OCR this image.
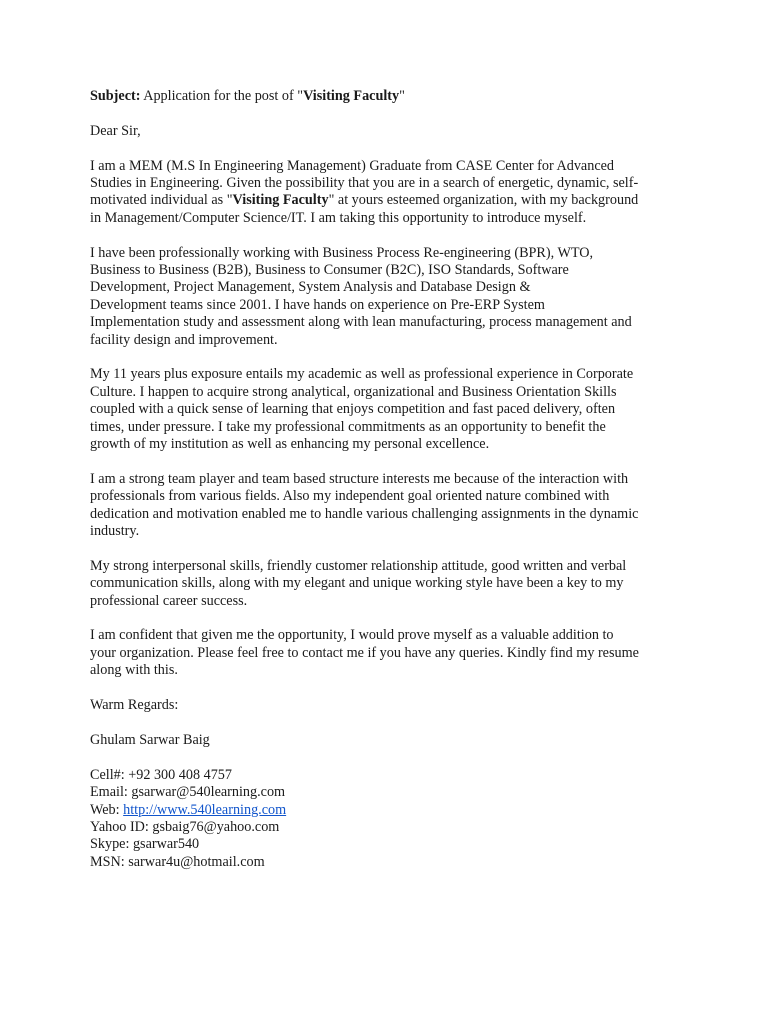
Subject: Application for the post of "Visiting Faculty"
Dear Sir,
I am a MEM (M.S In Engineering Management) Graduate from CASE Center for Advanced
Studies in Engineering. Given the possibility that you are in a search of energetic, dynamic, self-
motivated individual as "Visiting Faculty" at yours esteemed organization, with my background
in Management/Computer Science/IT. I am taking this opportunity to introduce myself.
I have been professionally working with Business Process Re-engineering (BPR), WTO,
Business to Business (B2B), Business to Consumer (B2C), ISO Standards, Software
Development, Project Management, System Analysis and Database Design &
Development teams since 2001. I have hands on experience on Pre-ERP System
Implementation study and assessment along with lean manufacturing, process management and
facility design and improvement.
My 11 years plus exposure entails my academic as well as professional experience in Corporate
Culture. I happen to acquire strong analytical, organizational and Business Orientation Skills
coupled with a quick sense of learning that enjoys competition and fast paced delivery, often
times, under pressure. I take my professional commitments as an opportunity to benefit the
growth of my institution as well as enhancing my personal excellence.
I am a strong team player and team based structure interests me because of the interaction with
professionals from various fields. Also my independent goal oriented nature combined with
dedication and motivation enabled me to handle various challenging assignments in the dynamic
industry.
My strong interpersonal skills, friendly customer relationship attitude, good written and verbal
communication skills, along with my elegant and unique working style have been a key to my
professional career success.
I am confident that given me the opportunity, I would prove myself as a valuable addition to
your organization. Please feel free to contact me if you have any queries. Kindly find my resume
along with this.
Warm Regards:
Ghulam Sarwar Baig
Cell#: +92 300 408 4757
Email: gsarwar@540learning.com
Web: http://www.540learning.com
Yahoo ID: gsbaig76@yahoo.com
Skype: gsarwar540
MSN: sarwar4u@hotmail.com
